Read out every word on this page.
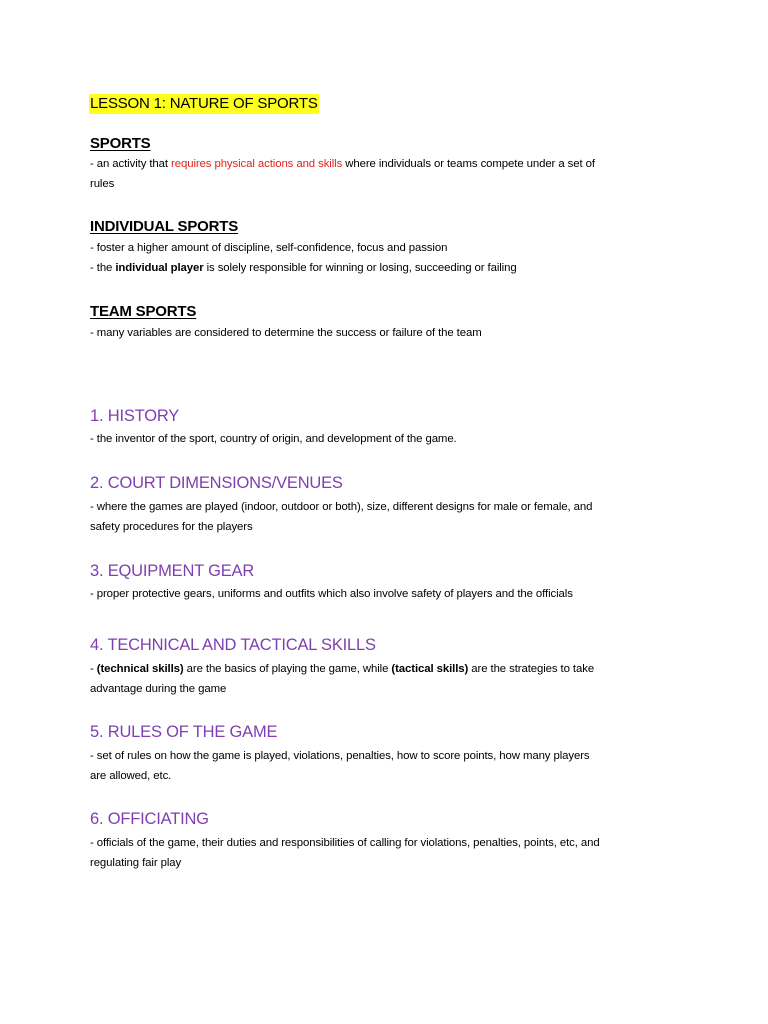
LESSON 1: NATURE OF SPORTS
SPORTS
- an activity that requires physical actions and skills where individuals or teams compete under a set of
rules
INDIVIDUAL SPORTS
- foster a higher amount of discipline, self-confidence, focus and passion
- the individual player is solely responsible for winning or losing, succeeding or failing
TEAM SPORTS
- many variables are considered to determine the success or failure of the team
1. HISTORY
- the inventor of the sport, country of origin, and development of the game.
2. COURT DIMENSIONS/VENUES
- where the games are played (indoor, outdoor or both), size, different designs for male or female, and
safety procedures for the players
3. EQUIPMENT GEAR
- proper protective gears, uniforms and outfits which also involve safety of players and the officials
4. TECHNICAL AND TACTICAL SKILLS
- (technical skills) are the basics of playing the game, while (tactical skills) are the strategies to take
advantage during the game
5. RULES OF THE GAME
- set of rules on how the game is played, violations, penalties, how to score points, how many players
are allowed, etc.
6. OFFICIATING
- officials of the game, their duties and responsibilities of calling for violations, penalties, points, etc, and
regulating fair play
